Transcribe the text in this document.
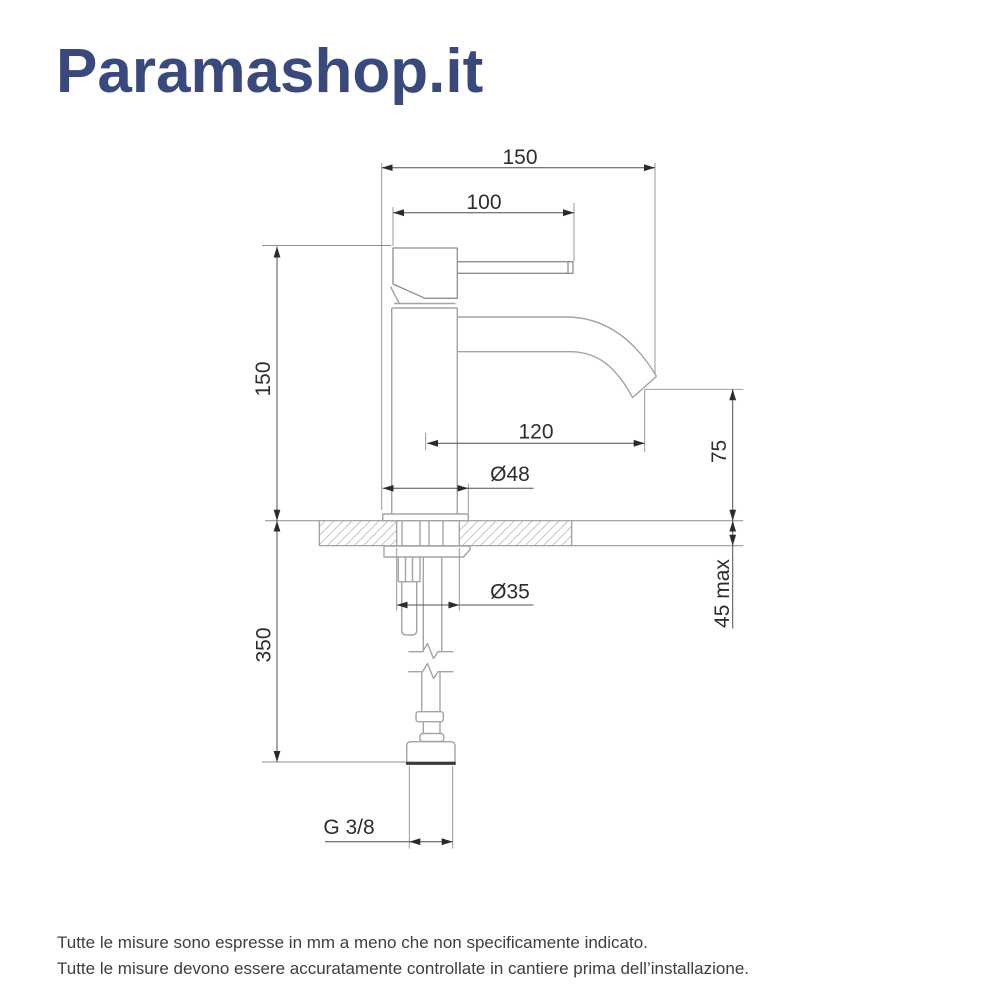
Paramashop.it
150
100
150
350
120
Ø48
75
45 max
Ø35
G 3/8
Tutte le misure sono espresse in mm a meno che non specificamente indicato.
Tutte le misure devono essere accuratamente controllate in cantiere prima dell’installazione.
